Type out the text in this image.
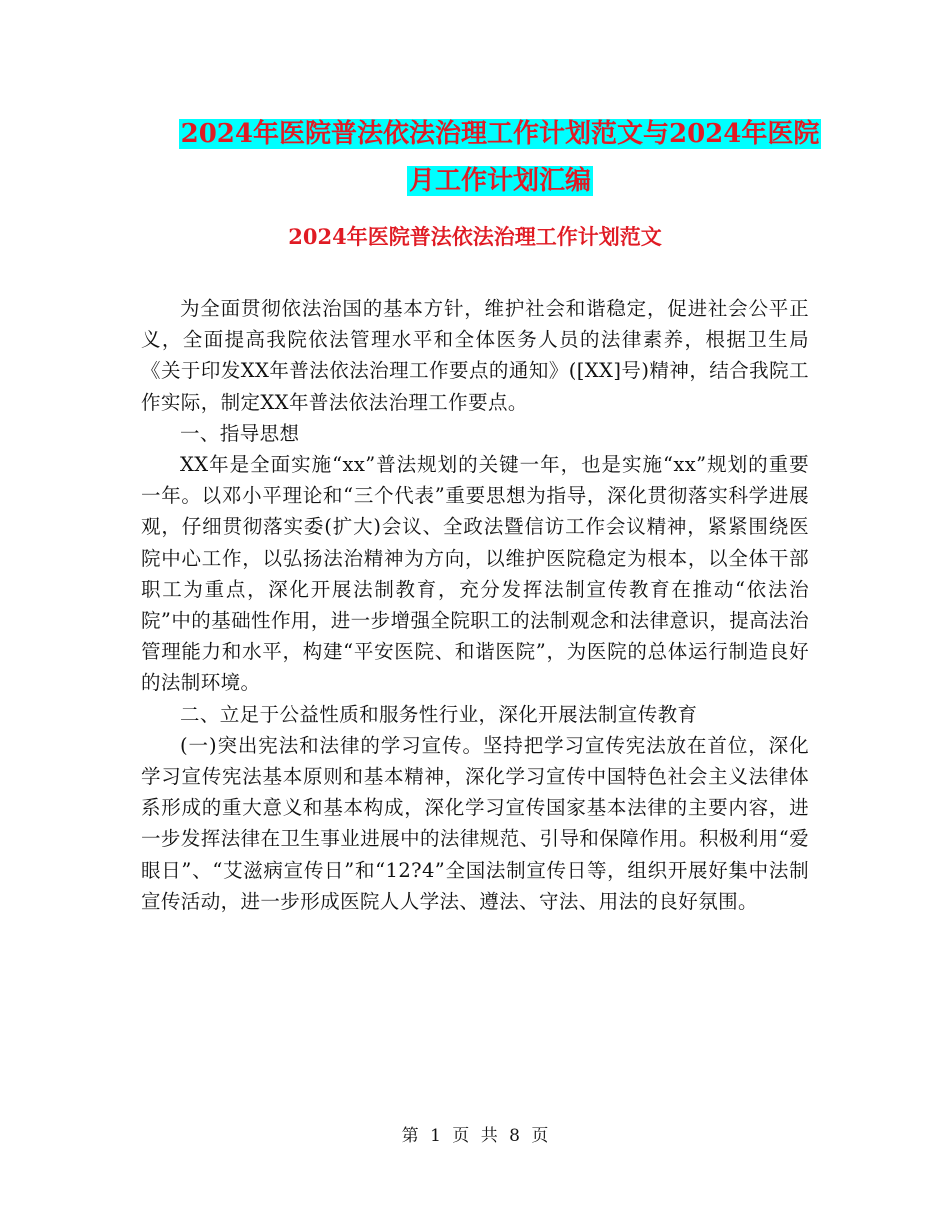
2024年医院普法依法治理工作计划范文与2024年医院
月工作计划汇编
2024年医院普法依法治理工作计划范文

为全面贯彻依法治国的基本方针，维护社会和谐稳定，促进社会公平正义，全面提高我院依法管理水平和全体医务人员的法律素养，根据卫生局《关于印发XX年普法依法治理工作要点的通知》([XX]号)精神，结合我院工作实际，制定XX年普法依法治理工作要点。

一、指导思想

XX年是全面实施“xx”普法规划的关键一年，也是实施“xx”规划的重要一年。以邓小平理论和“三个代表”重要思想为指导，深化贯彻落实科学进展观，仔细贯彻落实委(扩大)会议、全政法暨信访工作会议精神，紧紧围绕医院中心工作，以弘扬法治精神为方向，以维护医院稳定为根本，以全体干部职工为重点，深化开展法制教育，充分发挥法制宣传教育在推动“依法治院”中的基础性作用，进一步增强全院职工的法制观念和法律意识，提高法治管理能力和水平，构建“平安医院、和谐医院”，为医院的总体运行制造良好的法制环境。

二、立足于公益性质和服务性行业，深化开展法制宣传教育

(一)突出宪法和法律的学习宣传。坚持把学习宣传宪法放在首位，深化学习宣传宪法基本原则和基本精神，深化学习宣传中国特色社会主义法律体系形成的重大意义和基本构成，深化学习宣传国家基本法律的主要内容，进一步发挥法律在卫生事业进展中的法律规范、引导和保障作用。积极利用“爱眼日”、“艾滋病宣传日”和“12?4”全国法制宣传日等，组织开展好集中法制宣传活动，进一步形成医院人人学法、遵法、守法、用法的良好氛围。

第 1 页 共 8 页
